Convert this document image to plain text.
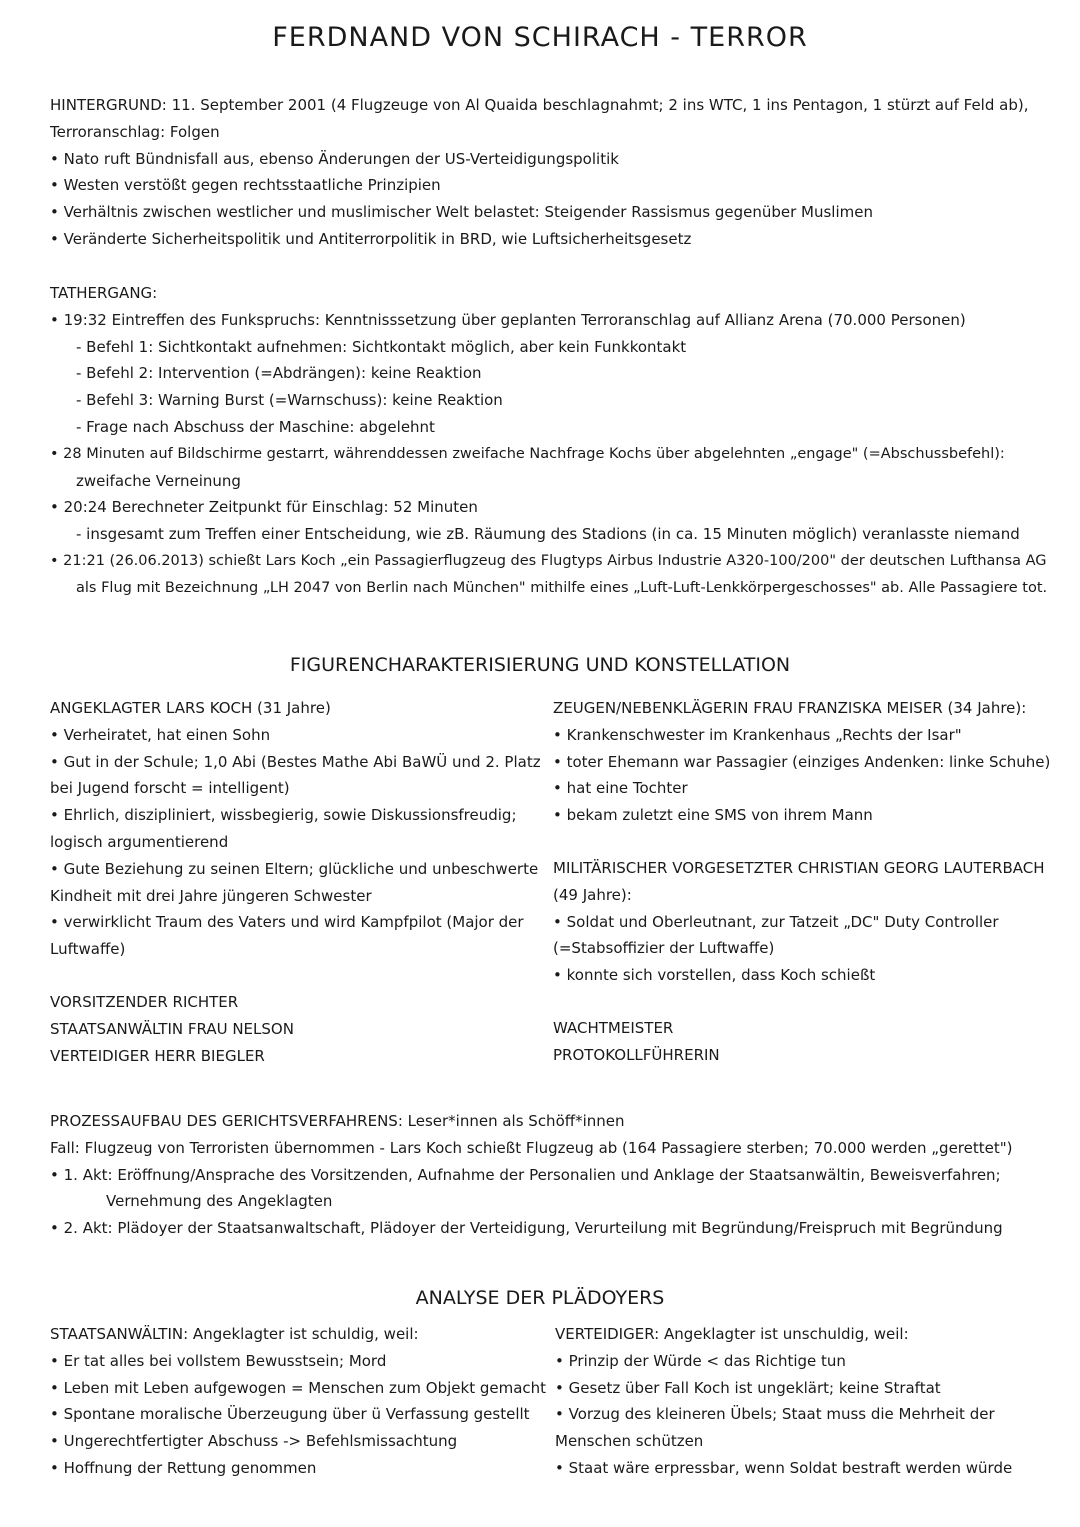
FERDNAND VON SCHIRACH - TERROR
HINTERGRUND: 11. September 2001 (4 Flugzeuge von Al Quaida beschlagnahmt; 2 ins WTC, 1 ins Pentagon, 1 stürzt auf Feld ab),
Terroranschlag: Folgen
• Nato ruft Bündnisfall aus, ebenso Änderungen der US-Verteidigungspolitik
• Westen verstößt gegen rechtsstaatliche Prinzipien
• Verhältnis zwischen westlicher und muslimischer Welt belastet: Steigender Rassismus gegenüber Muslimen
• Veränderte Sicherheitspolitik und Antiterrorpolitik in BRD, wie Luftsicherheitsgesetz
TATHERGANG:
• 19:32 Eintreffen des Funkspruchs: Kenntnisssetzung über geplanten Terroranschlag auf Allianz Arena (70.000 Personen)
- Befehl 1: Sichtkontakt aufnehmen: Sichtkontakt möglich, aber kein Funkkontakt
- Befehl 2: Intervention (=Abdrängen): keine Reaktion
- Befehl 3: Warning Burst (=Warnschuss): keine Reaktion
- Frage nach Abschuss der Maschine: abgelehnt
• 28 Minuten auf Bildschirme gestarrt, währenddessen zweifache Nachfrage Kochs über abgelehnten „engage" (=Abschussbefehl):
zweifache Verneinung
• 20:24 Berechneter Zeitpunkt für Einschlag: 52 Minuten
- insgesamt zum Treffen einer Entscheidung, wie zB. Räumung des Stadions (in ca. 15 Minuten möglich) veranlasste niemand
• 21:21 (26.06.2013) schießt Lars Koch „ein Passagierflugzeug des Flugtyps Airbus Industrie A320-100/200" der deutschen Lufthansa AG
als Flug mit Bezeichnung „LH 2047 von Berlin nach München" mithilfe eines „Luft-Luft-Lenkkörpergeschosses" ab. Alle Passagiere tot.
FIGURENCHARAKTERISIERUNG UND KONSTELLATION
ANGEKLAGTER LARS KOCH (31 Jahre)
• Verheiratet, hat einen Sohn
• Gut in der Schule; 1,0 Abi (Bestes Mathe Abi BaWÜ und 2. Platz
bei Jugend forscht = intelligent)
• Ehrlich, diszipliniert, wissbegierig, sowie Diskussionsfreudig;
logisch argumentierend
• Gute Beziehung zu seinen Eltern; glückliche und unbeschwerte
Kindheit mit drei Jahre jüngeren Schwester
• verwirklicht Traum des Vaters und wird Kampfpilot (Major der
Luftwaffe)
VORSITZENDER RICHTER
STAATSANWÄLTIN FRAU NELSON
VERTEIDIGER HERR BIEGLER
ZEUGEN/NEBENKLÄGERIN FRAU FRANZISKA MEISER (34 Jahre):
• Krankenschwester im Krankenhaus „Rechts der Isar"
• toter Ehemann war Passagier (einziges Andenken: linke Schuhe)
• hat eine Tochter
• bekam zuletzt eine SMS von ihrem Mann
MILITÄRISCHER VORGESETZTER CHRISTIAN GEORG LAUTERBACH
(49 Jahre):
• Soldat und Oberleutnant, zur Tatzeit „DC" Duty Controller
(=Stabsoffizier der Luftwaffe)
• konnte sich vorstellen, dass Koch schießt
WACHTMEISTER
PROTOKOLLFÜHRERIN
PROZESSAUFBAU DES GERICHTSVERFAHRENS: Leser*innen als Schöff*innen
Fall: Flugzeug von Terroristen übernommen - Lars Koch schießt Flugzeug ab (164 Passagiere sterben; 70.000 werden „gerettet")
• 1. Akt: Eröffnung/Ansprache des Vorsitzenden, Aufnahme der Personalien und Anklage der Staatsanwältin, Beweisverfahren;
Vernehmung des Angeklagten
• 2. Akt: Plädoyer der Staatsanwaltschaft, Plädoyer der Verteidigung, Verurteilung mit Begründung/Freispruch mit Begründung
ANALYSE DER PLÄDOYERS
STAATSANWÄLTIN: Angeklagter ist schuldig, weil:
• Er tat alles bei vollstem Bewusstsein; Mord
• Leben mit Leben aufgewogen = Menschen zum Objekt gemacht
• Spontane moralische Überzeugung über ü Verfassung gestellt
• Ungerechtfertigter Abschuss -> Befehlsmissachtung
• Hoffnung der Rettung genommen
VERTEIDIGER: Angeklagter ist unschuldig, weil:
• Prinzip der Würde < das Richtige tun
• Gesetz über Fall Koch ist ungeklärt; keine Straftat
• Vorzug des kleineren Übels; Staat muss die Mehrheit der
Menschen schützen
• Staat wäre erpressbar, wenn Soldat bestraft werden würde
